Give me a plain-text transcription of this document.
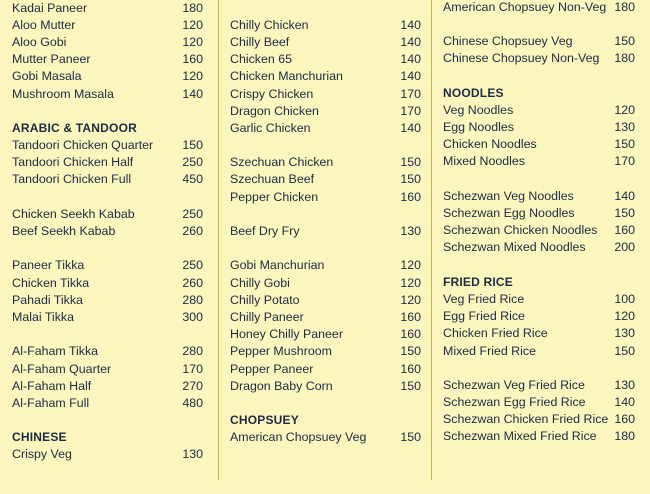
Kadai Paneer	180
Aloo Mutter	120
Aloo Gobi	120
Mutter Paneer	160
Gobi Masala	120
Mushroom Masala	140
ARABIC & TANDOOR
Tandoori Chicken Quarter 150
Tandoori Chicken Half	250
Tandoori Chicken Full	450
Chicken Seekh Kabab	250
Beef Seekh Kabab	260
Paneer Tikka	250
Chicken Tikka	260
Pahadi Tikka	280
Malai Tikka	300
Al-Faham Tikka	280
Al-Faham Quarter	170
Al-Faham Half	270
Al-Faham Full	480
CHINESE
Crispy Veg	130
Chilly Chicken	140
Chilly Beef	140
Chicken 65	140
Chicken Manchurian	140
Crispy Chicken	170
Dragon Chicken	170
Garlic Chicken	140
Szechuan Chicken	150
Szechuan Beef	150
Pepper Chicken	160
Beef Dry Fry	130
Gobi Manchurian	120
Chilly Gobi	120
Chilly Potato	120
Chilly Paneer	160
Honey Chilly Paneer	160
Pepper Mushroom	150
Pepper Paneer	160
Dragon Baby Corn	150
CHOPSUEY
American Chopsuey Veg	150
American Chopsuey Non-Veg 180
Chinese Chopsuey Veg	150
Chinese Chopsuey Non-Veg 180
NOODLES
Veg Noodles	120
Egg Noodles	130
Chicken Noodles	150
Mixed Noodles	170
Schezwan Veg Noodles	140
Schezwan Egg Noodles	150
Schezwan Chicken Noodles 160
Schezwan Mixed Noodles 200
FRIED RICE
Veg Fried Rice	100
Egg Fried Rice	120
Chicken Fried Rice	130
Mixed Fried Rice	150
Schezwan Veg Fried Rice 130
Schezwan Egg Fried Rice 140
Schezwan Chicken Fried Rice 160
Schezwan Mixed Fried Rice 180
